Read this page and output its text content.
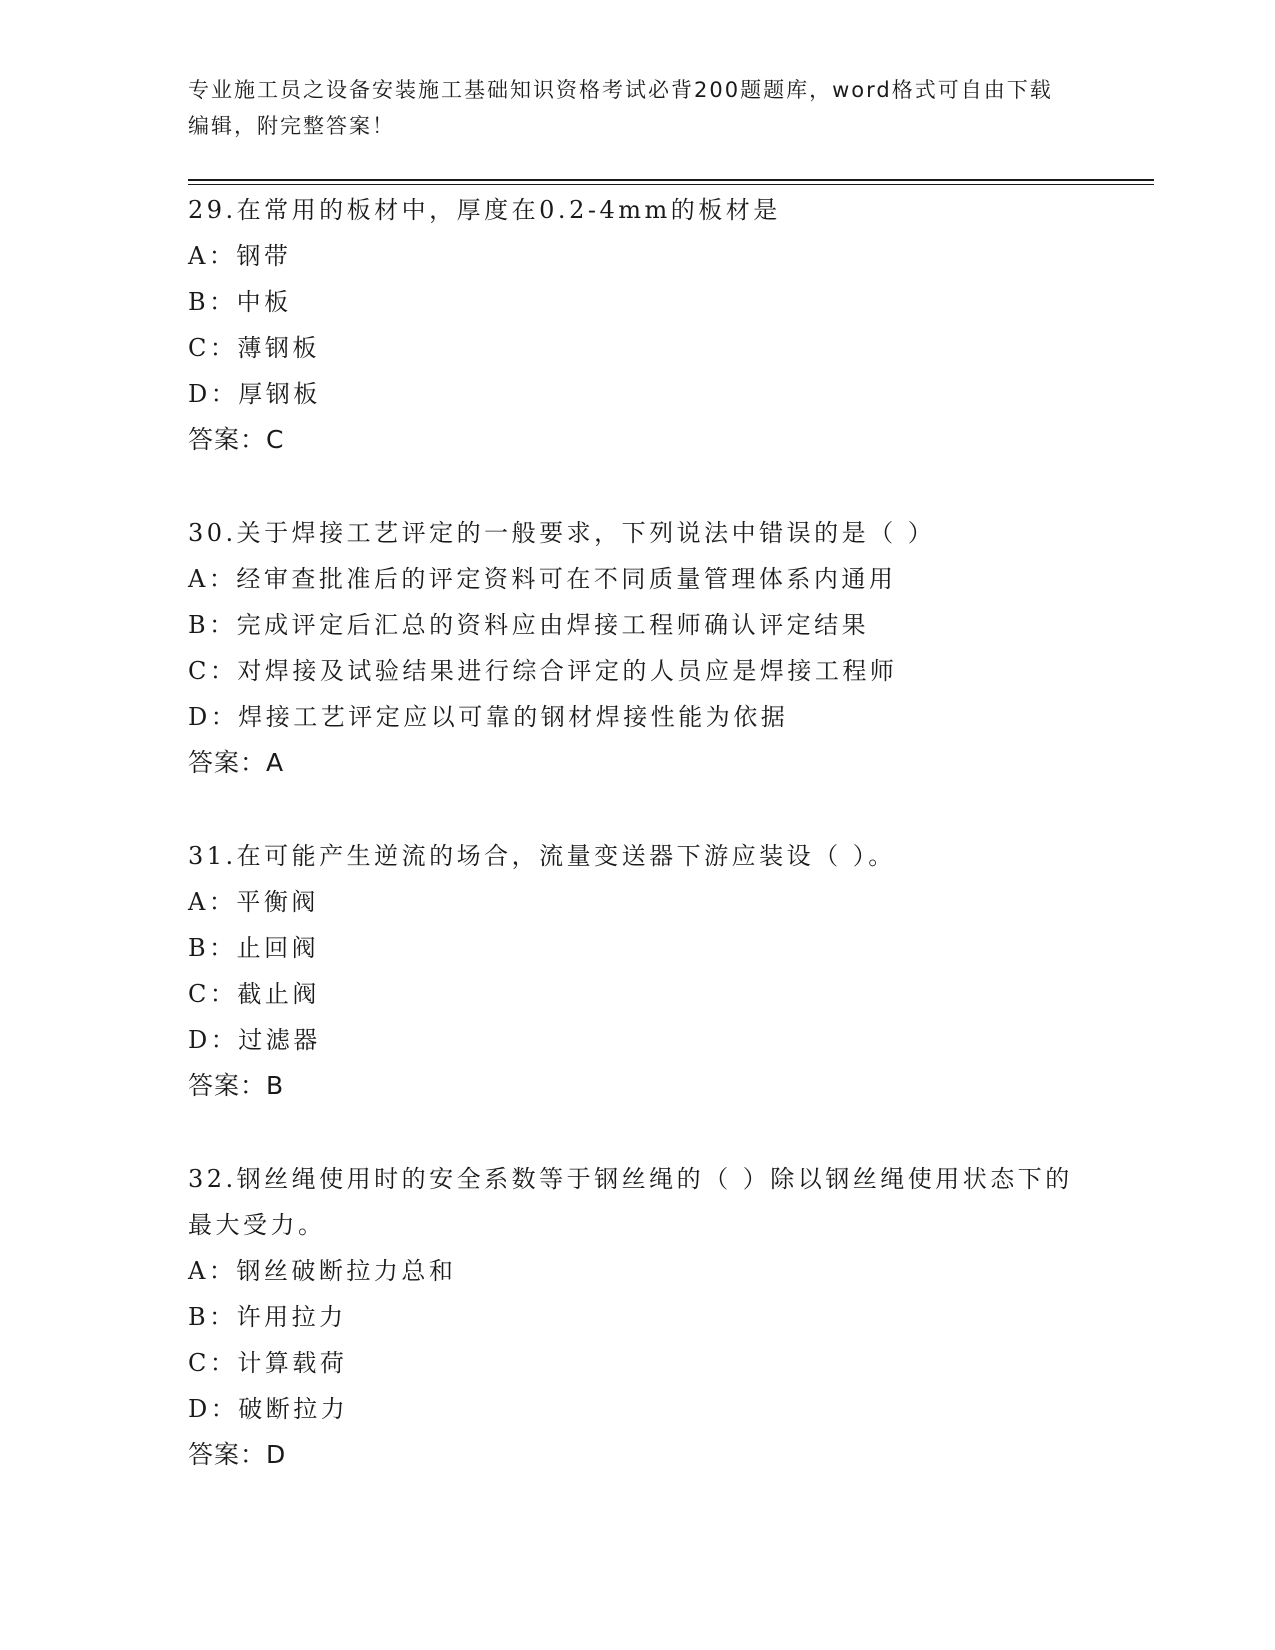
专业施工员之设备安装施工基础知识资格考试必背200题题库，word格式可自由下载编辑，附完整答案！

29.在常用的板材中，厚度在0.2-4mm的板材是

A：钢带

B：中板

C：薄钢板

D：厚钢板

答案：C

30.关于焊接工艺评定的一般要求，下列说法中错误的是（ ）

A：经审查批准后的评定资料可在不同质量管理体系内通用

B：完成评定后汇总的资料应由焊接工程师确认评定结果

C：对焊接及试验结果进行综合评定的人员应是焊接工程师

D：焊接工艺评定应以可靠的钢材焊接性能为依据

答案：A

31.在可能产生逆流的场合，流量变送器下游应装设（ ）。

A：平衡阀

B：止回阀

C：截止阀

D：过滤器

答案：B

32.钢丝绳使用时的安全系数等于钢丝绳的（ ）除以钢丝绳使用状态下的最大受力。

A：钢丝破断拉力总和

B：许用拉力

C：计算载荷

D：破断拉力

答案：D
